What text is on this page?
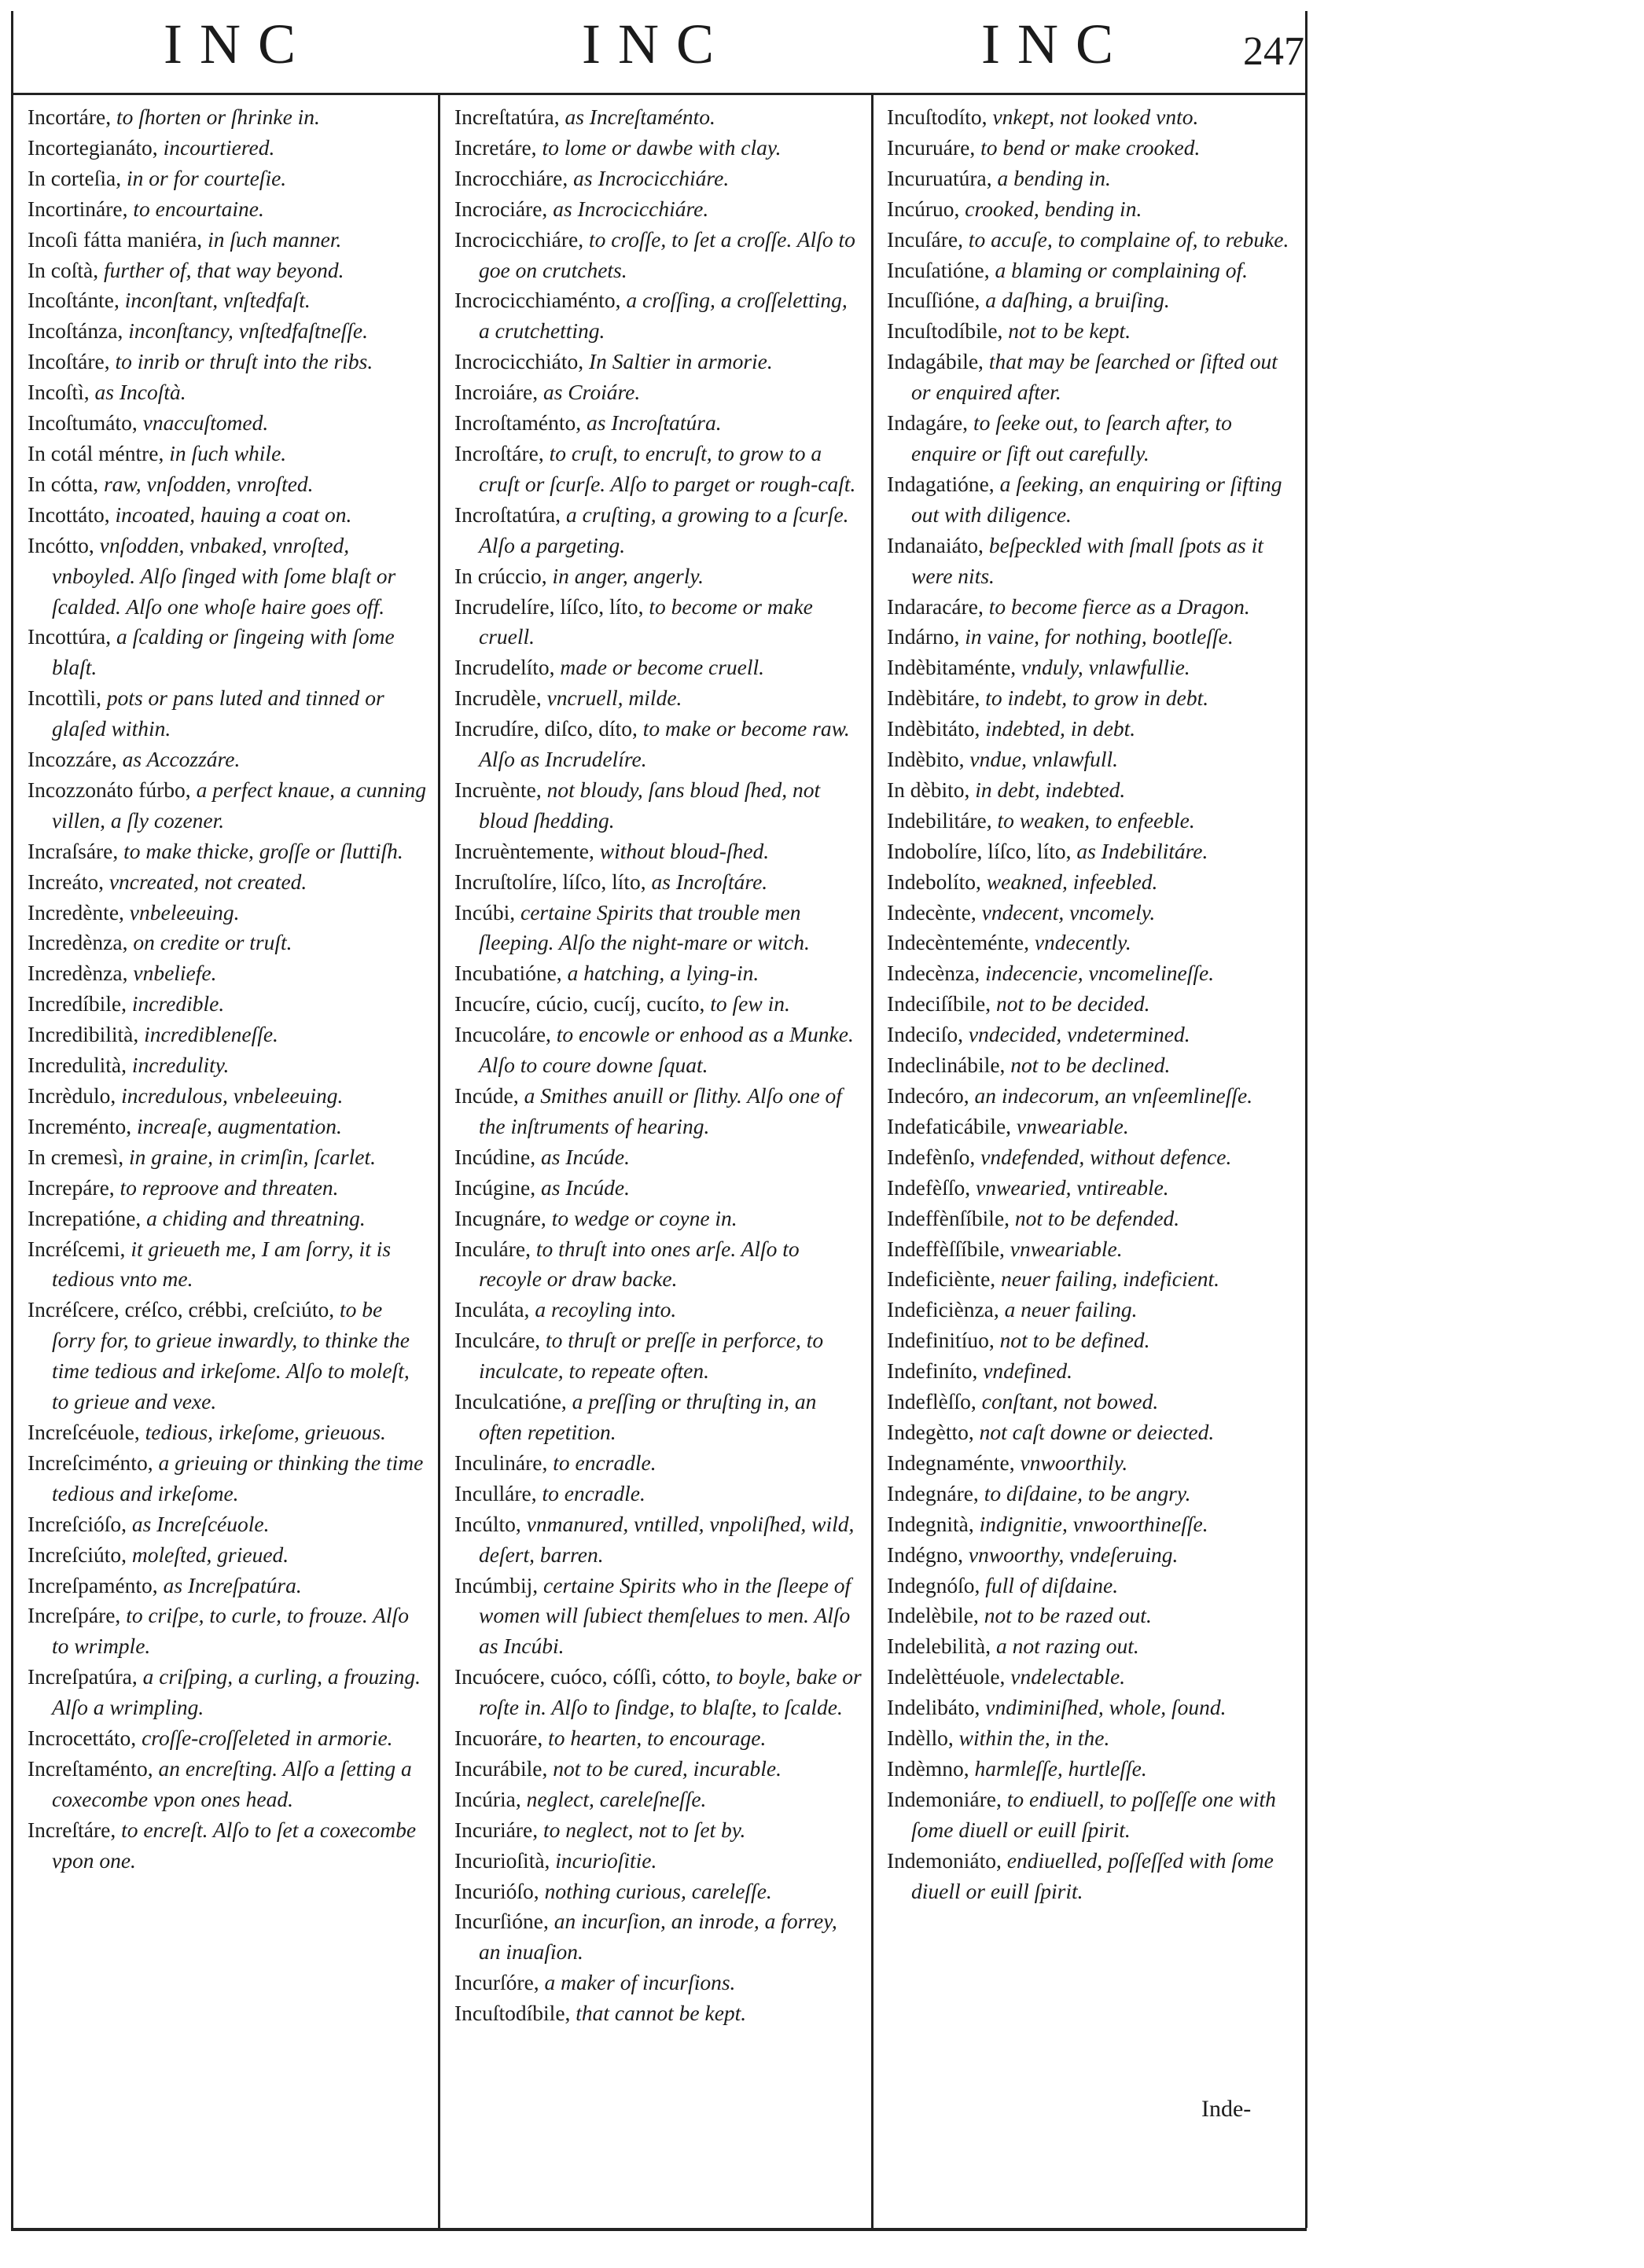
INC	INC	INC	247

Incortáre, to ſhorten or ſhrinke in.

Incortegianáto, incourtiered.

In corteſia, in or for courteſie.

Incortináre, to encourtaine.

Incoſi fátta maniéra, in ſuch manner.

In coſtà, further of, that way beyond.

Incoſtánte, inconſtant, vnſtedfaſt.

Incoſtánza, inconſtancy, vnſtedfaſtneſſe.

Incoſtáre, to inrib or thruſt into the ribs.

Incoſtì, as Incoſtà.

Incoſtumáto, vnaccuſtomed.

In cotál méntre, in ſuch while.

In cótta, raw, vnſodden, vnroſted.

Incottáto, incoated, hauing a coat on.

Incótto, vnſodden, vnbaked, vnroſted, vnboyled. Alſo ſinged with ſome blaſt or ſcalded. Alſo one whoſe haire goes off.

Incottúra, a ſcalding or ſingeing with ſome blaſt.

Incottìli, pots or pans luted and tinned or glaſed within.

Incozzáre, as Accozzáre.

Incozzonáto fúrbo, a perfect knaue, a cunning villen, a ſly cozener.

Incraſsáre, to make thicke, groſſe or ſluttiſh.

Increáto, vncreated, not created.

Incredènte, vnbeleeuing.

Incredènza, on credite or truſt.

Incredènza, vnbeliefe.

Incredíbile, incredible.

Incredibilità, incredibleneſſe.

Incredulità, incredulity.

Incrèdulo, incredulous, vnbeleeuing.

Increménto, increaſe, augmentation.

In cremesì, in graine, in crimſin, ſcarlet.

Increpáre, to reproove and threaten.

Increpatióne, a chiding and threatning.

Incréſcemi, it grieueth me, I am ſorry, it is tedious vnto me.

Incréſcere, créſco, crébbi, creſciúto, to be ſorry for, to grieue inwardly, to thinke the time tedious and irkeſome. Alſo to moleſt, to grieue and vexe.

Increſcéuole, tedious, irkeſome, grieuous.

Increſciménto, a grieuing or thinking the time tedious and irkeſome.

Increſcióſo, as Increſcéuole.

Increſciúto, moleſted, grieued.

Increſpaménto, as Increſpatúra.

Increſpáre, to criſpe, to curle, to frouze. Alſo to wrimple.

Increſpatúra, a criſping, a curling, a frouzing. Alſo a wrimpling.

Incrocettáto, croſſe-croſſeleted in armorie.

Increſtaménto, an encreſting. Alſo a ſetting a coxecombe vpon ones head.

Increſtáre, to encreſt. Alſo to ſet a coxecombe vpon one.

Increſtatúra, as Increſtaménto.

Incretáre, to lome or dawbe with clay.

Incrocchiáre, as Incrocicchiáre.

Incrociáre, as Incrocicchiáre.

Incrocicchiáre, to croſſe, to ſet a croſſe. Alſo to goe on crutchets.

Incrocicchiaménto, a croſſing, a croſſeletting, a crutchetting.

Incrocicchiáto, In Saltier in armorie.

Incroiáre, as Croiáre.

Incroſtaménto, as Incroſtatúra.

Incroſtáre, to cruſt, to encruſt, to grow to a cruſt or ſcurſe. Alſo to parget or rough-caſt.

Incroſtatúra, a cruſting, a growing to a ſcurſe. Alſo a pargeting.

In crúccio, in anger, angerly.

Incrudelíre, líſco, líto, to become or make cruell.

Incrudelíto, made or become cruell.

Incrudèle, vncruell, milde.

Incrudíre, diſco, díto, to make or become raw. Alſo as Incrudelíre.

Incruènte, not bloudy, ſans bloud ſhed, not bloud ſhedding.

Incruèntemente, without bloud-ſhed.

Incruſtolíre, líſco, líto, as Incroſtáre.

Incúbi, certaine Spirits that trouble men ſleeping. Alſo the night-mare or witch.

Incubatióne, a hatching, a lying-in.

Incucíre, cúcio, cucíj, cucíto, to ſew in.

Incucoláre, to encowle or enhood as a Munke. Alſo to coure downe ſquat.

Incúde, a Smithes anuill or ſlithy. Alſo one of the inſtruments of hearing.

Incúdine, as Incúde.

Incúgine, as Incúde.

Incugnáre, to wedge or coyne in.

Inculáre, to thruſt into ones arſe. Alſo to recoyle or draw backe.

Inculáta, a recoyling into.

Inculcáre, to thruſt or preſſe in perforce, to inculcate, to repeate often.

Inculcatióne, a preſſing or thruſting in, an often repetition.

Inculináre, to encradle.

Inculláre, to encradle.

Incúlto, vnmanured, vntilled, vnpoliſhed, wild, deſert, barren.

Incúmbij, certaine Spirits who in the ſleepe of women will ſubiect themſelues to men. Alſo as Incúbi.

Incuócere, cuóco, cóſſi, cótto, to boyle, bake or roſte in. Alſo to ſindge, to blaſte, to ſcalde.

Incuoráre, to hearten, to encourage.

Incurábile, not to be cured, incurable.

Incúria, neglect, careleſneſſe.

Incuriáre, to neglect, not to ſet by.

Incurioſità, incurioſitie.

Incurióſo, nothing curious, careleſſe.

Incurſióne, an incurſion, an inrode, a forrey, an inuaſion.

Incurſóre, a maker of incurſions.

Incuſtodíbile, that cannot be kept.

Incuſtodíto, vnkept, not looked vnto.

Incuruáre, to bend or make crooked.

Incuruatúra, a bending in.

Incúruo, crooked, bending in.

Incuſáre, to accuſe, to complaine of, to rebuke.

Incuſatióne, a blaming or complaining of.

Incuſſióne, a daſhing, a bruiſing.

Incuſtodíbile, not to be kept.

Indagábile, that may be ſearched or ſifted out or enquired after.

Indagáre, to ſeeke out, to ſearch after, to enquire or ſift out carefully.

Indagatióne, a ſeeking, an enquiring or ſifting out with diligence.

Indanaiáto, beſpeckled with ſmall ſpots as it were nits.

Indaracáre, to become fierce as a Dragon.

Indárno, in vaine, for nothing, bootleſſe.

Indèbitaménte, vnduly, vnlawfullie.

Indèbitáre, to indebt, to grow in debt.

Indèbitáto, indebted, in debt.

Indèbito, vndue, vnlawfull.

In dèbito, in debt, indebted.

Indebilitáre, to weaken, to enfeeble.

Indobolíre, líſco, líto, as Indebilitáre.

Indebolíto, weakned, infeebled.

Indecènte, vndecent, vncomely.

Indecènteménte, vndecently.

Indecènza, indecencie, vncomelineſſe.

Indeciſíbile, not to be decided.

Indeciſo, vndecided, vndetermined.

Indeclinábile, not to be declined.

Indecóro, an indecorum, an vnſeemlineſſe.

Indefaticábile, vnweariable.

Indefènſo, vndefended, without defence.

Indefèſſo, vnwearied, vntireable.

Indeffènſíbile, not to be defended.

Indeffèſſíbile, vnweariable.

Indeficiènte, neuer failing, indeficient.

Indeficiènza, a neuer failing.

Indefinitíuo, not to be defined.

Indefiníto, vndefined.

Indeflèſſo, conſtant, not bowed.

Indegètto, not caſt downe or deiected.

Indegnaménte, vnwoorthily.

Indegnáre, to diſdaine, to be angry.

Indegnità, indignitie, vnwoorthineſſe.

Indégno, vnwoorthy, vndeſeruing.

Indegnóſo, full of diſdaine.

Indelèbile, not to be razed out.

Indelebilità, a not razing out.

Indelèttéuole, vndelectable.

Indelibáto, vndiminiſhed, whole, ſound.

Indèllo, within the, in the.

Indèmno, harmleſſe, hurtleſſe.

Indemoniáre, to endiuell, to poſſeſſe one with ſome diuell or euill ſpirit.

Indemoniáto, endiuelled, poſſeſſed with ſome diuell or euill ſpirit.

Inde-
